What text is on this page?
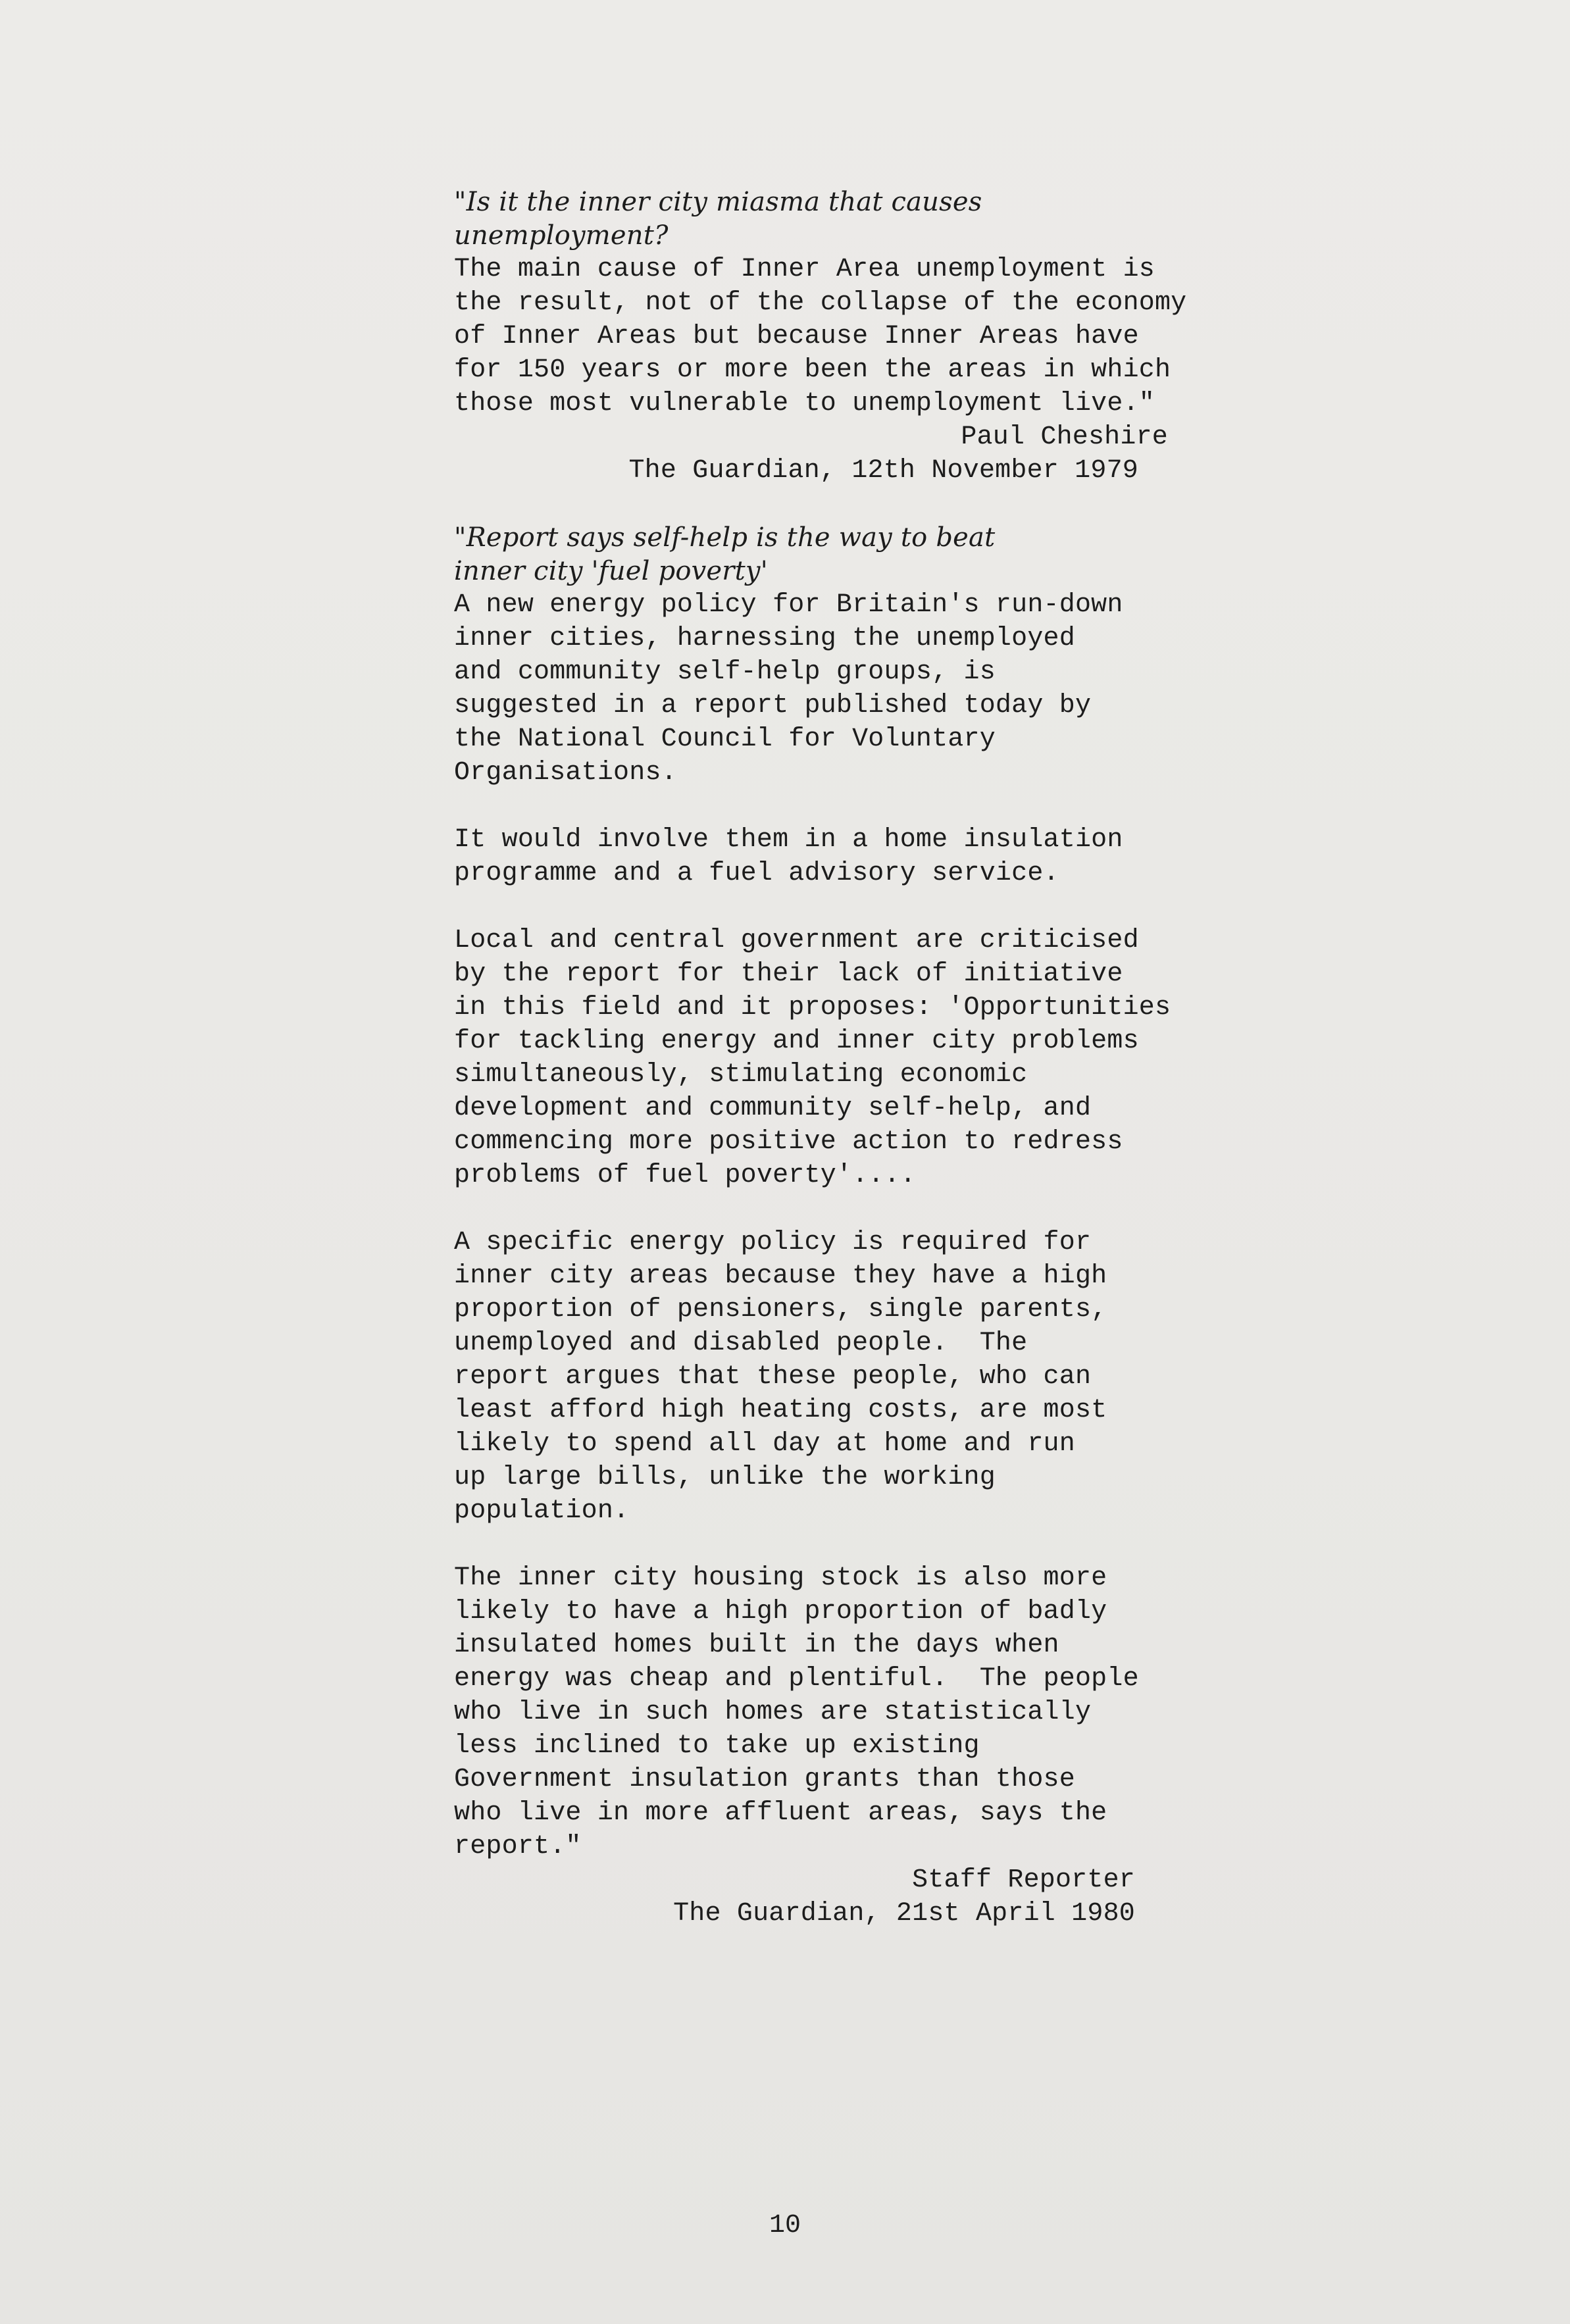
"Is it the inner city miasma that causes
unemployment?
The main cause of Inner Area unemployment is
the result, not of the collapse of the economy
of Inner Areas but because Inner Areas have
for 150 years or more been the areas in which
those most vulnerable to unemployment live."
Paul Cheshire
The Guardian, 12th November 1979
"Report says self-help is the way to beat
inner city 'fuel poverty'
A new energy policy for Britain's run-down
inner cities, harnessing the unemployed
and community self-help groups, is
suggested in a report published today by
the National Council for Voluntary
Organisations.
It would involve them in a home insulation
programme and a fuel advisory service.
Local and central government are criticised
by the report for their lack of initiative
in this field and it proposes: 'Opportunities
for tackling energy and inner city problems
simultaneously, stimulating economic
development and community self-help, and
commencing more positive action to redress
problems of fuel poverty'....
A specific energy policy is required for
inner city areas because they have a high
proportion of pensioners, single parents,
unemployed and disabled people.  The
report argues that these people, who can
least afford high heating costs, are most
likely to spend all day at home and run
up large bills, unlike the working
population.
The inner city housing stock is also more
likely to have a high proportion of badly
insulated homes built in the days when
energy was cheap and plentiful.  The people
who live in such homes are statistically
less inclined to take up existing
Government insulation grants than those
who live in more affluent areas, says the
report."
Staff Reporter
The Guardian, 21st April 1980
10
